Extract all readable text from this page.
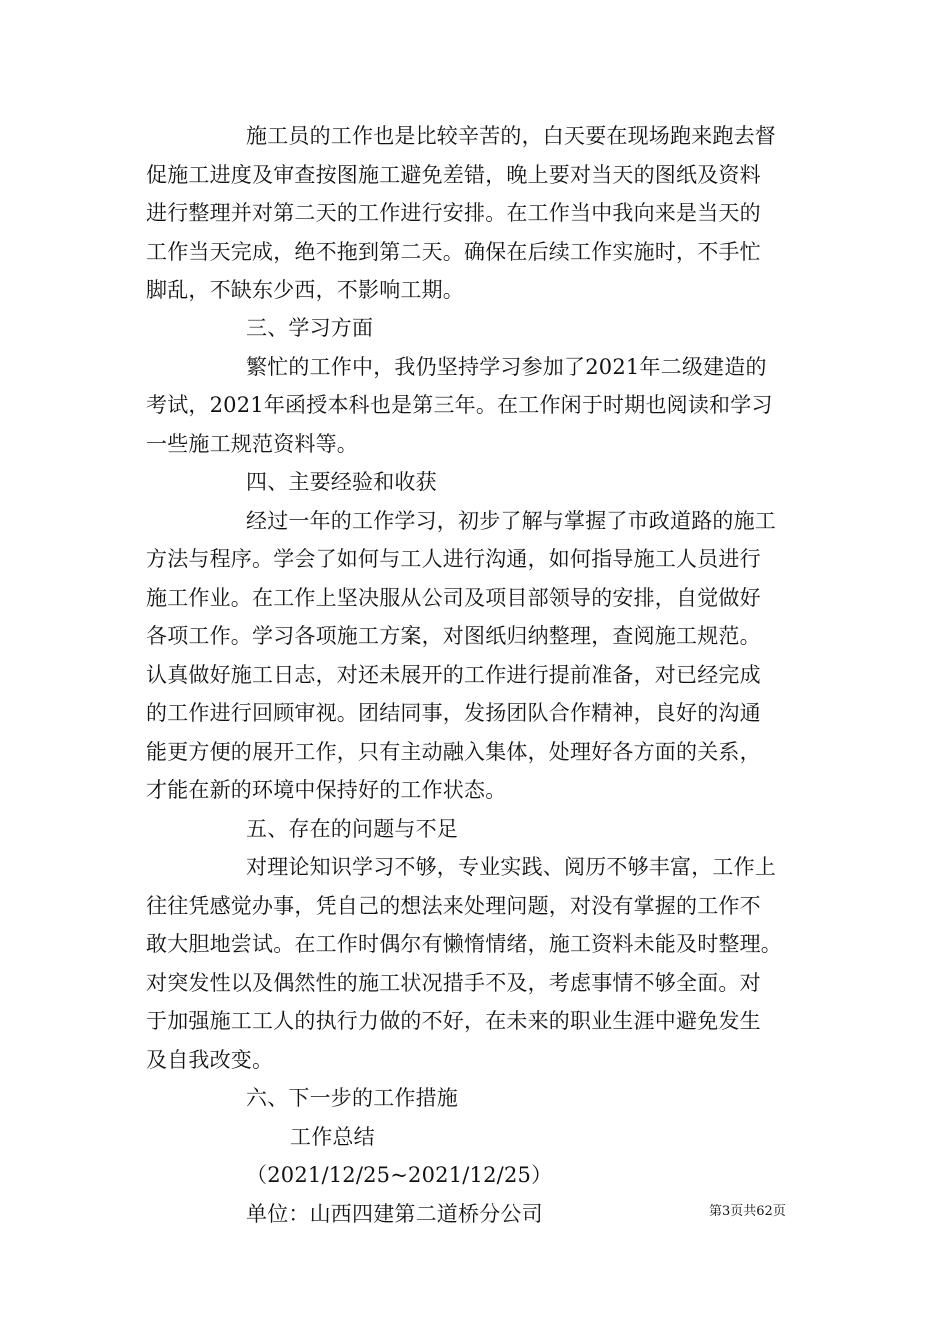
施工员的工作也是比较辛苦的，白天要在现场跑来跑去督
促施工进度及审查按图施工避免差错，晚上要对当天的图纸及资料
进行整理并对第二天的工作进行安排。在工作当中我向来是当天的
工作当天完成，绝不拖到第二天。确保在后续工作实施时，不手忙
脚乱，不缺东少西，不影响工期。
三、学习方面
繁忙的工作中，我仍坚持学习参加了2021年二级建造的
考试，2021年函授本科也是第三年。在工作闲于时期也阅读和学习
一些施工规范资料等。
四、主要经验和收获
经过一年的工作学习，初步了解与掌握了市政道路的施工
方法与程序。学会了如何与工人进行沟通，如何指导施工人员进行
施工作业。在工作上坚决服从公司及项目部领导的安排，自觉做好
各项工作。学习各项施工方案，对图纸归纳整理，查阅施工规范。
认真做好施工日志，对还未展开的工作进行提前准备，对已经完成
的工作进行回顾审视。团结同事，发扬团队合作精神，良好的沟通
能更方便的展开工作，只有主动融入集体，处理好各方面的关系，
才能在新的环境中保持好的工作状态。
五、存在的问题与不足
对理论知识学习不够，专业实践、阅历不够丰富，工作上
往往凭感觉办事，凭自己的想法来处理问题，对没有掌握的工作不
敢大胆地尝试。在工作时偶尔有懒惰情绪，施工资料未能及时整理。
对突发性以及偶然性的施工状况措手不及，考虑事情不够全面。对
于加强施工工人的执行力做的不好，在未来的职业生涯中避免发生
及自我改变。
六、下一步的工作措施
工作总结
（2021/12/25~2021/12/25）
单位：山西四建第二道桥分公司	第3页共62页
